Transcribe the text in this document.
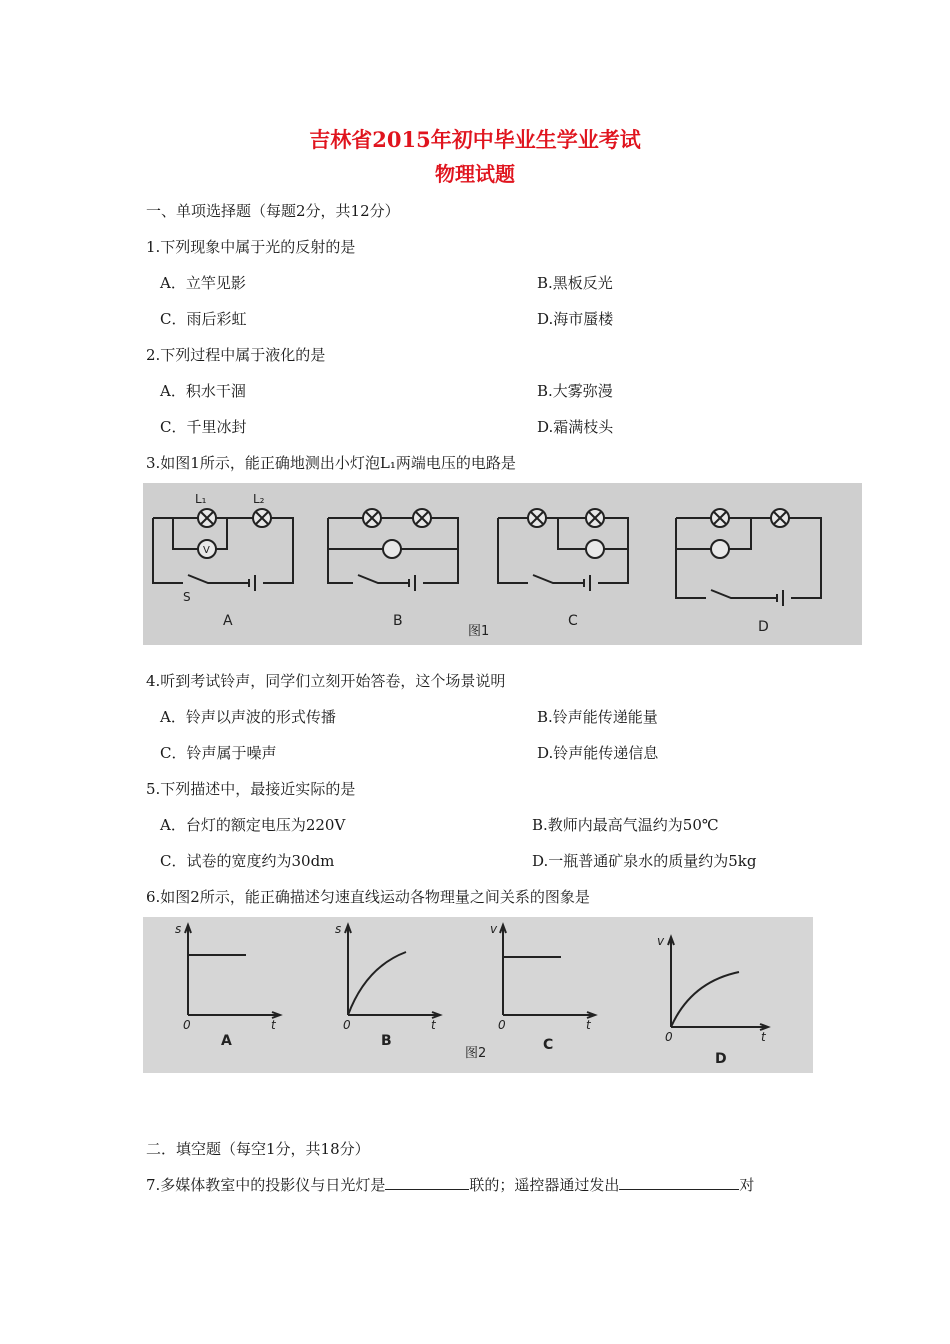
吉林省2015年初中毕业生学业考试
物理试题
一、单项选择题（每题2分，共12分）
1.下列现象中属于光的反射的是
A．立竿见影	B.黑板反光
C．雨后彩虹	D.海市蜃楼
2.下列过程中属于液化的是
A．积水干涸	B.大雾弥漫
C．千里冰封	D.霜满枝头
3.如图1所示，能正确地测出小灯泡L₁两端电压的电路是
L₁	L₂
V
S
A	B	C	D
图1
4.听到考试铃声，同学们立刻开始答卷，这个场景说明
A．铃声以声波的形式传播	B.铃声能传递能量
C．铃声属于噪声	D.铃声能传递信息
5.下列描述中，最接近实际的是
A．台灯的额定电压为220V	B.教师内最高气温约为50℃
C．试卷的宽度约为30dm	D.一瓶普通矿泉水的质量约为5kg
6.如图2所示，能正确描述匀速直线运动各物理量之间关系的图象是
s
t
0
s
t
0
v
t
0
v
t
0
A	B	C
D
图2
二．填空题（每空1分，共18分）
7.多媒体教室中的投影仪与日光灯是	联的；遥控器通过发出	对
